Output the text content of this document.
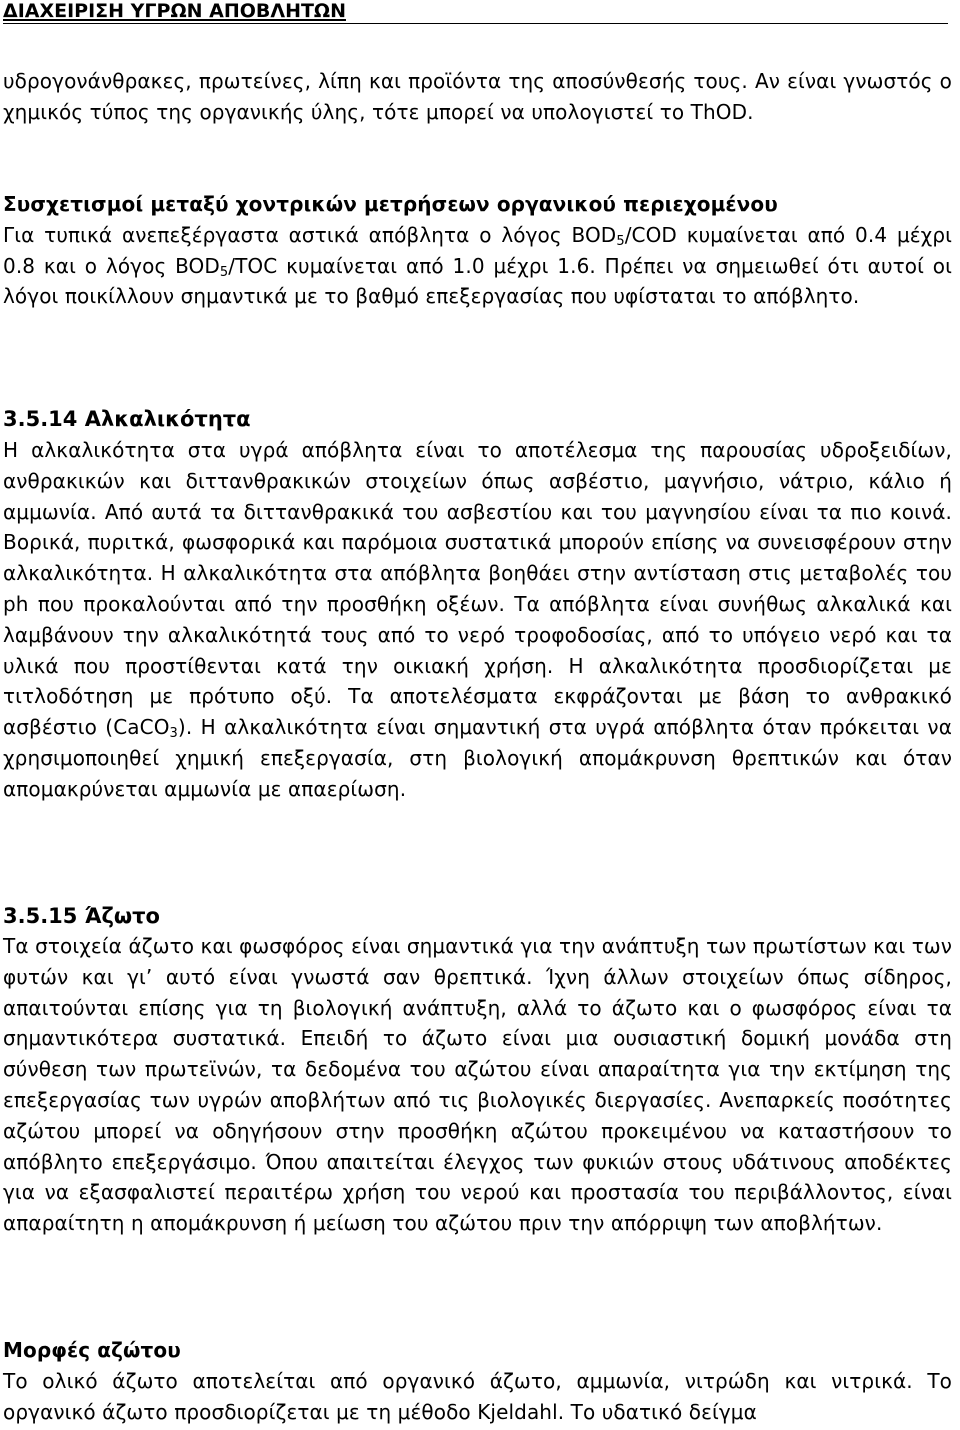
ΔΙΑΧΕΙΡΙΣΗ ΥΓΡΩΝ ΑΠΟΒΛΗΤΩΝ

υδρογονάνθρακες, πρωτείνες, λίπη και προϊόντα της αποσύνθεσής τους. Αν είναι γνωστός ο χημικός τύπος της οργανικής ύλης, τότε μπορεί να υπολογιστεί το ThOD.

Συσχετισμοί μεταξύ χοντρικών μετρήσεων οργανικού περιεχομένου
Για τυπικά ανεπεξέργαστα αστικά απόβλητα ο λόγος $BOD_5$/COD κυμαίνεται από 0.4 μέχρι 0.8 και ο λόγος $BOD_5$/TOC κυμαίνεται από 1.0 μέχρι 1.6. Πρέπει να σημειωθεί ότι αυτοί οι λόγοι ποικίλλουν σημαντικά με το βαθμό επεξεργασίας που υφίσταται το απόβλητο.

3.5.14 Αλκαλικότητα

Η αλκαλικότητα στα υγρά απόβλητα είναι το αποτέλεσμα της παρουσίας υδροξειδίων, ανθρακικών και διττανθρακικών στοιχείων όπως ασβέστιο, μαγνήσιο, νάτριο, κάλιο ή αμμωνία. Από αυτά τα διττανθρακικά του ασβεστίου και του μαγνησίου είναι τα πιο κοινά. Βορικά, πυριτκά, φωσφορικά και παρόμοια συστατικά μπορούν επίσης να συνεισφέρουν στην αλκαλικότητα. Η αλκαλικότητα στα απόβλητα βοηθάει στην αντίσταση στις μεταβολές του ph που προκαλούνται από την προσθήκη οξέων. Τα απόβλητα είναι συνήθως αλκαλικά και λαμβάνουν την αλκαλικότητά τους από το νερό τροφοδοσίας, από το υπόγειο νερό και τα υλικά που προστίθενται κατά την οικιακή χρήση. Η αλκαλικότητα προσδιορίζεται με τιτλοδότηση με πρότυπο οξύ. Τα αποτελέσματα εκφράζονται με βάση το ανθρακικό ασβέστιο (CaCO$_3$). Η αλκαλικότητα είναι σημαντική στα υγρά απόβλητα όταν πρόκειται να χρησιμοποιηθεί χημική επεξεργασία, στη βιολογική απομάκρυνση θρεπτικών και όταν απομακρύνεται αμμωνία με απαερίωση.

3.5.15 Άζωτο

Τα στοιχεία άζωτο και φωσφόρος είναι σημαντικά για την ανάπτυξη των πρωτίστων και των φυτών και γι’ αυτό είναι γνωστά σαν θρεπτικά. Ίχνη άλλων στοιχείων όπως σίδηρος, απαιτούνται επίσης για τη βιολογική ανάπτυξη, αλλά το άζωτο και ο φωσφόρος είναι τα σημαντικότερα συστατικά. Επειδή το άζωτο είναι μια ουσιαστική δομική μονάδα στη σύνθεση των πρωτεϊνών, τα δεδομένα του αζώτου είναι απαραίτητα για την εκτίμηση της επεξεργασίας των υγρών αποβλήτων από τις βιολογικές διεργασίες. Ανεπαρκείς ποσότητες αζώτου μπορεί να οδηγήσουν στην προσθήκη αζώτου προκειμένου να καταστήσουν το απόβλητο επεξεργάσιμο. Όπου απαιτείται έλεγχος των φυκιών στους υδάτινους αποδέκτες για να εξασφαλιστεί περαιτέρω χρήση του νερού και προστασία του περιβάλλοντος, είναι απαραίτητη η απομάκρυνση ή μείωση του αζώτου πριν την απόρριψη των αποβλήτων.

Μορφές αζώτου
Το ολικό άζωτο αποτελείται από οργανικό άζωτο, αμμωνία, νιτρώδη και νιτρικά. Το οργανικό άζωτο προσδιορίζεται με τη μέθοδο Kjeldahl. Το υδατικό δείγμα
